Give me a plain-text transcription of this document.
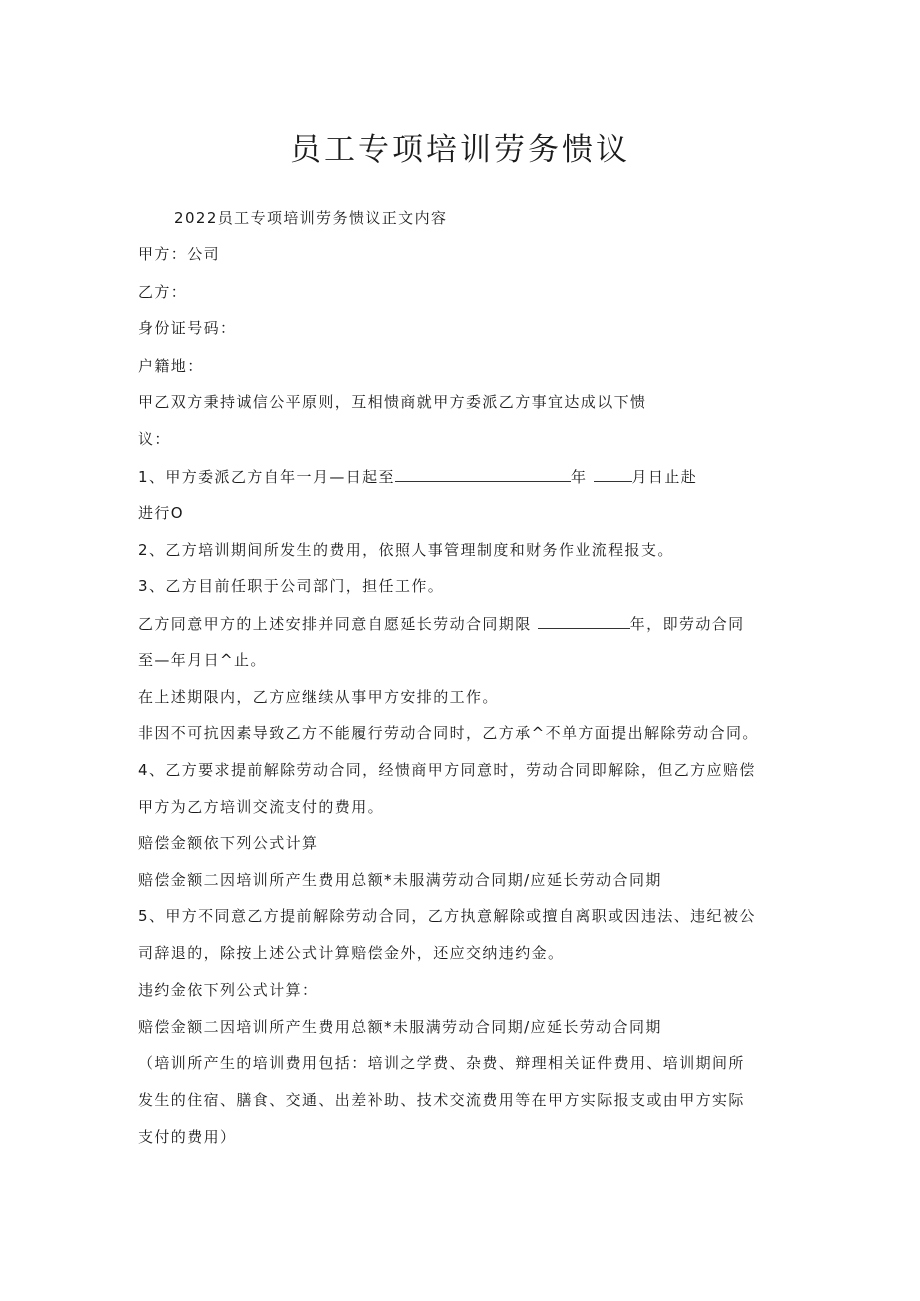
员工专项培训劳务愦议
2022员工专项培训劳务愦议正文内容
甲方：公司
乙方：
身份证号码：
户籍地：
甲乙双方秉持诚信公平原则，互相愦商就甲方委派乙方事宜达成以下愦
议：
1、甲方委派乙方自年一月—日起至	年	月日止赴
进行O
2、乙方培训期间所发生的费用，依照人事管理制度和财务作业流程报支。
3、乙方目前任职于公司部门，担任工作。
乙方同意甲方的上述安排并同意自愿延长劳动合同期限	年，即劳动合同
至—年月日^止。
在上述期限内，乙方应继续从事甲方安排的工作。
非因不可抗因素导致乙方不能履行劳动合同时，乙方承^不单方面提出解除劳动合同。
4、乙方要求提前解除劳动合同，经愦商甲方同意时，劳动合同即解除，但乙方应赔偿
甲方为乙方培训交流支付的费用。
赔偿金额依下列公式计算
赔偿金额二因培训所产生费用总额*未服满劳动合同期/应延长劳动合同期
5、甲方不同意乙方提前解除劳动合同，乙方执意解除或擅自离职或因违法、违纪被公
司辞退的，除按上述公式计算赔偿金外，还应交纳违约金。
违约金依下列公式计算：
赔偿金额二因培训所产生费用总额*未服满劳动合同期/应延长劳动合同期
（培训所产生的培训费用包括：培训之学费、杂费、辩理相关证件费用、培训期间所
发生的住宿、膳食、交通、出差补助、技术交流费用等在甲方实际报支或由甲方实际
支付的费用）
